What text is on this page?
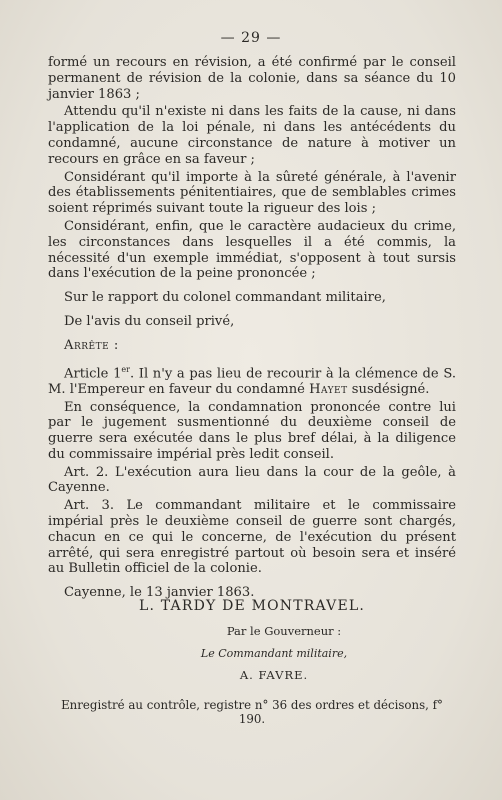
— 29 —

formé un recours en révision, a été confirmé par le conseil permanent de révision de la colonie, dans sa séance du 10 janvier 1863 ;

Attendu qu'il n'existe ni dans les faits de la cause, ni dans l'application de la loi pénale, ni dans les antécédents du condamné, aucune circonstance de nature à motiver un recours en grâce en sa faveur ;

Considérant qu'il importe à la sûreté générale, à l'avenir des établissements pénitentiaires, que de semblables crimes soient réprimés suivant toute la rigueur des lois ;

Considérant, enfin, que le caractère audacieux du crime, les circonstances dans lesquelles il a été commis, la nécessité d'un exemple immédiat, s'opposent à tout sursis dans l'exécution de la peine prononcée ;

Sur le rapport du colonel commandant militaire,

De l'avis du conseil privé,

Arrête :

Article 1er. Il n'y a pas lieu de recourir à la clémence de S. M. l'Empereur en faveur du condamné Hayet susdésigné.

En conséquence, la condamnation prononcée contre lui par le jugement susmentionné du deuxième conseil de guerre sera exécutée dans le plus bref délai, à la diligence du commissaire impérial près ledit conseil.

Art. 2. L'exécution aura lieu dans la cour de la geôle, à Cayenne.

Art. 3. Le commandant militaire et le commissaire impérial près le deuxième conseil de guerre sont chargés, chacun en ce qui le concerne, de l'exécution du présent arrêté, qui sera enregistré partout où besoin sera et inséré au Bulletin officiel de la colonie.

Cayenne, le 13 janvier 1863.

L. TARDY DE MONTRAVEL.
Par le Gouverneur :
Le Commandant militaire,
A. FAVRE.
Enregistré au contrôle, registre n° 36 des ordres et décisons, f° 190.
